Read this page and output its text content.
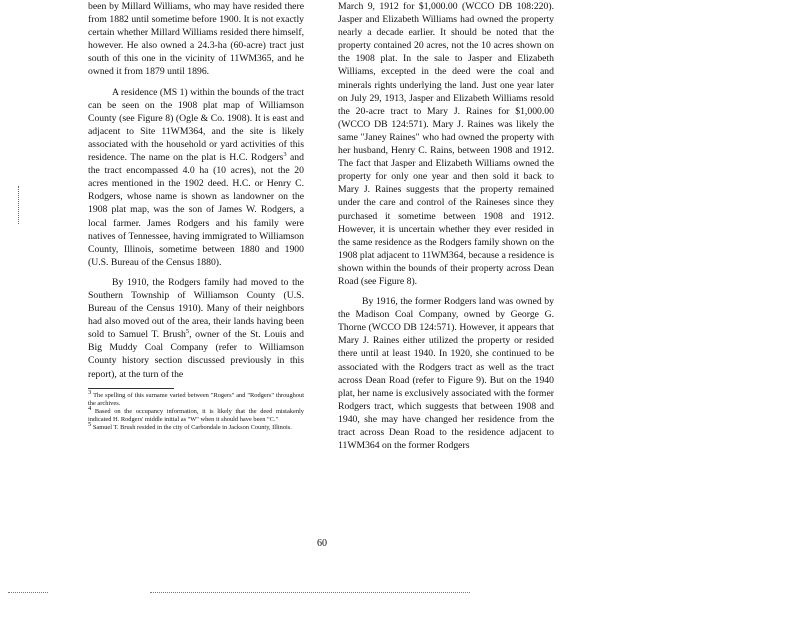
been by Millard Williams, who may have resided there from 1882 until sometime before 1900. It is not exactly certain whether Millard Williams resided there himself, however. He also owned a 24.3-ha (60-acre) tract just south of this one in the vicinity of 11WM365, and he owned it from 1879 until 1896.

A residence (MS 1) within the bounds of the tract can be seen on the 1908 plat map of Williamson County (see Figure 8) (Ogle & Co. 1908). It is east and adjacent to Site 11WM364, and the site is likely associated with the household or yard activities of this residence. The name on the plat is H.C. Rodgers$^3$ and the tract encompassed 4.0 ha (10 acres), not the 20 acres mentioned in the 1902 deed. H.C. or Henry C. Rodgers, whose name is shown as landowner on the 1908 plat map, was the son of James W. Rodgers, a local farmer. James Rodgers and his family were natives of Tennessee, having immigrated to Williamson County, Illinois, sometime between 1880 and 1900 (U.S. Bureau of the Census 1880).

By 1910, the Rodgers family had moved to the Southern Township of Williamson County (U.S. Bureau of the Census 1910). Many of their neighbors had also moved out of the area, their lands having been sold to Samuel T. Brush$^5$, owner of the St. Louis and Big Muddy Coal Company (refer to Williamson County history section discussed previously in this report), at the turn of the

$^3$ The spelling of this surname varied between "Rogers" and "Rodgers" throughout the archives.
$^4$ Based on the occupancy information, it is likely that the deed mistakenly indicated H. Rodgers' middle initial as "W" when it should have been "C."
$^5$ Samuel T. Brush resided in the city of Carbondale in Jackson County, Illinois.

March 9, 1912 for $1,000.00 (WCCO DB 108:220). Jasper and Elizabeth Williams had owned the property nearly a decade earlier. It should be noted that the property contained 20 acres, not the 10 acres shown on the 1908 plat. In the sale to Jasper and Elizabeth Williams, excepted in the deed were the coal and minerals rights underlying the land. Just one year later on July 29, 1913, Jasper and Elizabeth Williams resold the 20-acre tract to Mary J. Raines for $1,000.00 (WCCO DB 124:571). Mary J. Raines was likely the same "Janey Raines" who had owned the property with her husband, Henry C. Rains, between 1908 and 1912. The fact that Jasper and Elizabeth Williams owned the property for only one year and then sold it back to Mary J. Raines suggests that the property remained under the care and control of the Raineses since they purchased it sometime between 1908 and 1912. However, it is uncertain whether they ever resided in the same residence as the Rodgers family shown on the 1908 plat adjacent to 11WM364, because a residence is shown within the bounds of their property across Dean Road (see Figure 8).

By 1916, the former Rodgers land was owned by the Madison Coal Company, owned by George G. Thorne (WCCO DB 124:571). However, it appears that Mary J. Raines either utilized the property or resided there until at least 1940. In 1920, she continued to be associated with the Rodgers tract as well as the tract across Dean Road (refer to Figure 9). But on the 1940 plat, her name is exclusively associated with the former Rodgers tract, which suggests that between 1908 and 1940, she may have changed her residence from the tract across Dean Road to the residence adjacent to 11WM364 on the former Rodgers

60
